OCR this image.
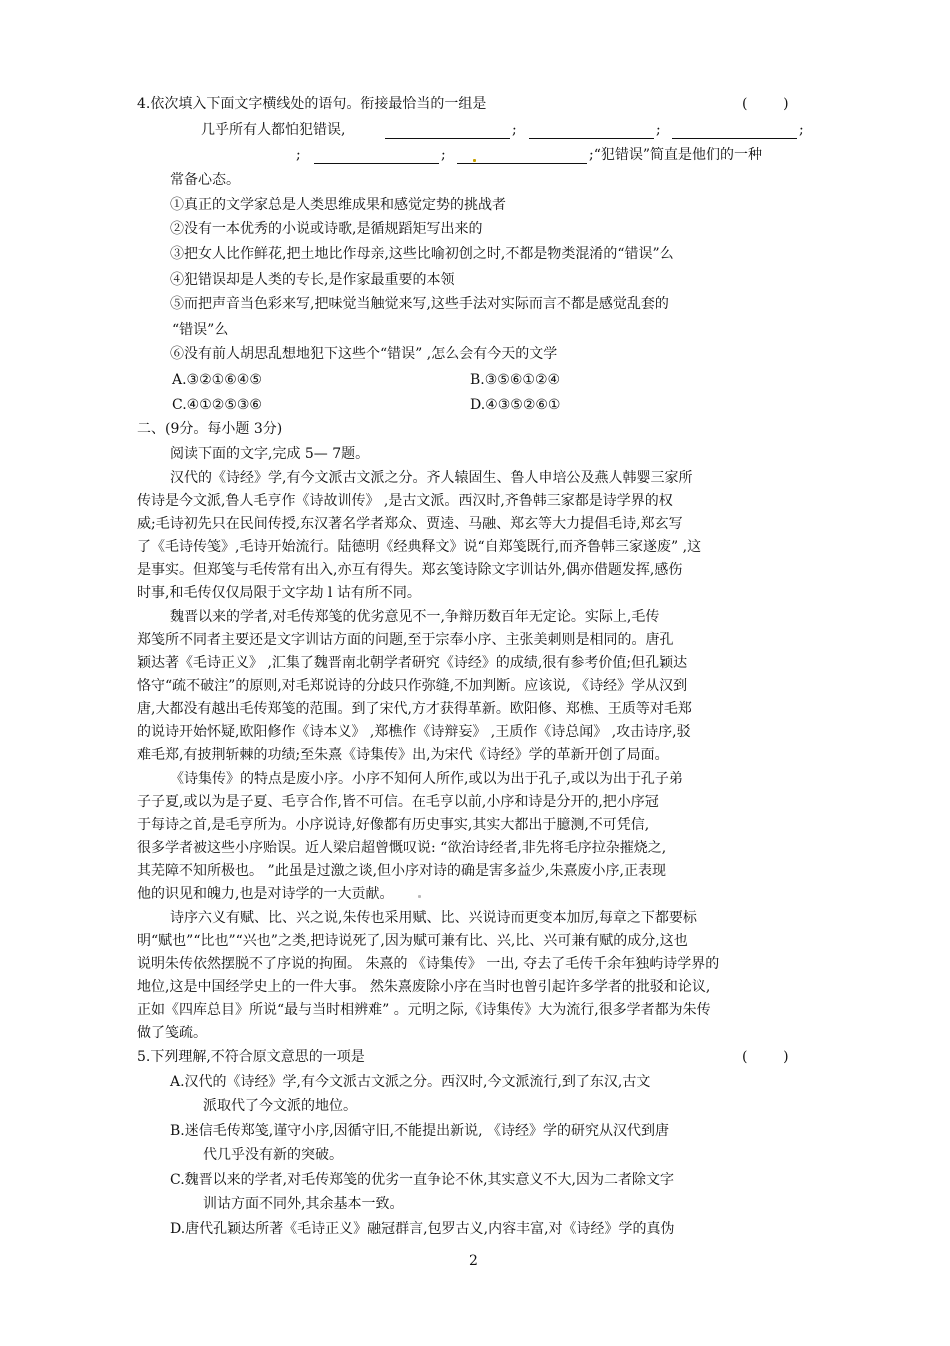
4.依次填入下面文字横线处的语句。衔接最恰当的一组是	(        )
几乎所有人都怕犯错误,	;	;	;
;	;	;“犯错误”简直是他们的一种
常备心态。
①真正的文学家总是人类思维成果和感觉定势的挑战者
②没有一本优秀的小说或诗歌,是循规蹈矩写出来的
③把女人比作鲜花,把土地比作母亲,这些比喻初创之时,不都是物类混淆的“错误”么
④犯错误却是人类的专长,是作家最重要的本领
⑤而把声音当色彩来写,把味觉当触觉来写,这些手法对实际而言不都是感觉乱套的
“错误”么
⑥没有前人胡思乱想地犯下这些个“错误” ,怎么会有今天的文学
A.③②①⑥④⑤	B.③⑤⑥①②④
C.④①②⑤③⑥	D.④③⑤②⑥①
二、(9分。每小题 3分)
阅读下面的文字,完成 5— 7题。
汉代的《诗经》学,有今文派古文派之分。齐人辕固生、鲁人申培公及燕人韩婴三家所
传诗是今文派,鲁人毛亨作《诗故训传》 ,是古文派。西汉时,齐鲁韩三家都是诗学界的权
威;毛诗初先只在民间传授,东汉著名学者郑众、贾逵、马融、郑玄等大力提倡毛诗,郑玄写
了《毛诗传笺》,毛诗开始流行。陆德明《经典释文》说“自郑笺既行,而齐鲁韩三家遂废” ,这
是事实。但郑笺与毛传常有出入,亦互有得失。郑玄笺诗除文字训诂外,偶亦借题发挥,感伤
时事,和毛传仅仅局限于文字劫 l 诂有所不同。
魏晋以来的学者,对毛传郑笺的优劣意见不一,争辩历数百年无定论。实际上,毛传
郑笺所不同者主要还是文字训诂方面的问题,至于宗奉小序、主张美刺则是相同的。唐孔
颖达著《毛诗正义》 ,汇集了魏晋南北朝学者研究《诗经》的成绩,很有参考价值;但孔颖达
恪守“疏不破注”的原则,对毛郑说诗的分歧只作弥缝,不加判断。应该说, 《诗经》学从汉到
唐,大都没有越出毛传郑笺的范围。到了宋代,方才获得革新。欧阳修、郑樵、王质等对毛郑
的说诗开始怀疑,欧阳修作《诗本义》 ,郑樵作《诗辩妄》 ,王质作《诗总闻》 ,攻击诗序,驳
难毛郑,有披荆斩棘的功绩;至朱熹《诗集传》出,为宋代《诗经》学的革新开创了局面。
《诗集传》的特点是废小序。小序不知何人所作,或以为出于孔子,或以为出于孔子弟
子子夏,或以为是子夏、毛亨合作,皆不可信。在毛亨以前,小序和诗是分开的,把小序冠
于每诗之首,是毛亨所为。小序说诗,好像都有历史事实,其实大都出于臆测,不可凭信,
很多学者被这些小序贻误。近人梁启超曾慨叹说: “欲治诗经者,非先将毛序拉杂摧烧之,
其芜障不知所极也。 ”此虽是过激之谈,但小序对诗的确是害多益少,朱熹废小序,正表现
他的识见和魄力,也是对诗学的一大贡献。
诗序六义有赋、比、兴之说,朱传也采用赋、比、兴说诗而更变本加厉,每章之下都要标
明“赋也”“比也”“兴也”之类,把诗说死了,因为赋可兼有比、兴,比、兴可兼有赋的成分,这也
说明朱传依然摆脱不了序说的拘囿。 朱熹的 《诗集传》 一出, 夺去了毛传千余年独屿诗学界的
地位,这是中国经学史上的一件大事。 然朱熹废除小序在当时也曾引起许多学者的批驳和论议,
正如《四库总目》所说“最与当时相辨难” 。元明之际,《诗集传》大为流行,很多学者都为朱传
做了笺疏。
5.下列理解,不符合原文意思的一项是	(        )
A.汉代的《诗经》学,有今文派古文派之分。西汉时,今文派流行,到了东汉,古文
派取代了今文派的地位。
B.迷信毛传郑笺,谨守小序,因循守旧,不能提出新说, 《诗经》学的研究从汉代到唐
代几乎没有新的突破。
C.魏晋以来的学者,对毛传郑笺的优劣一直争论不休,其实意义不大,因为二者除文字
训诂方面不同外,其余基本一致。
D.唐代孔颖达所著《毛诗正义》融冠群言,包罗古义,内容丰富,对《诗经》学的真伪
2
